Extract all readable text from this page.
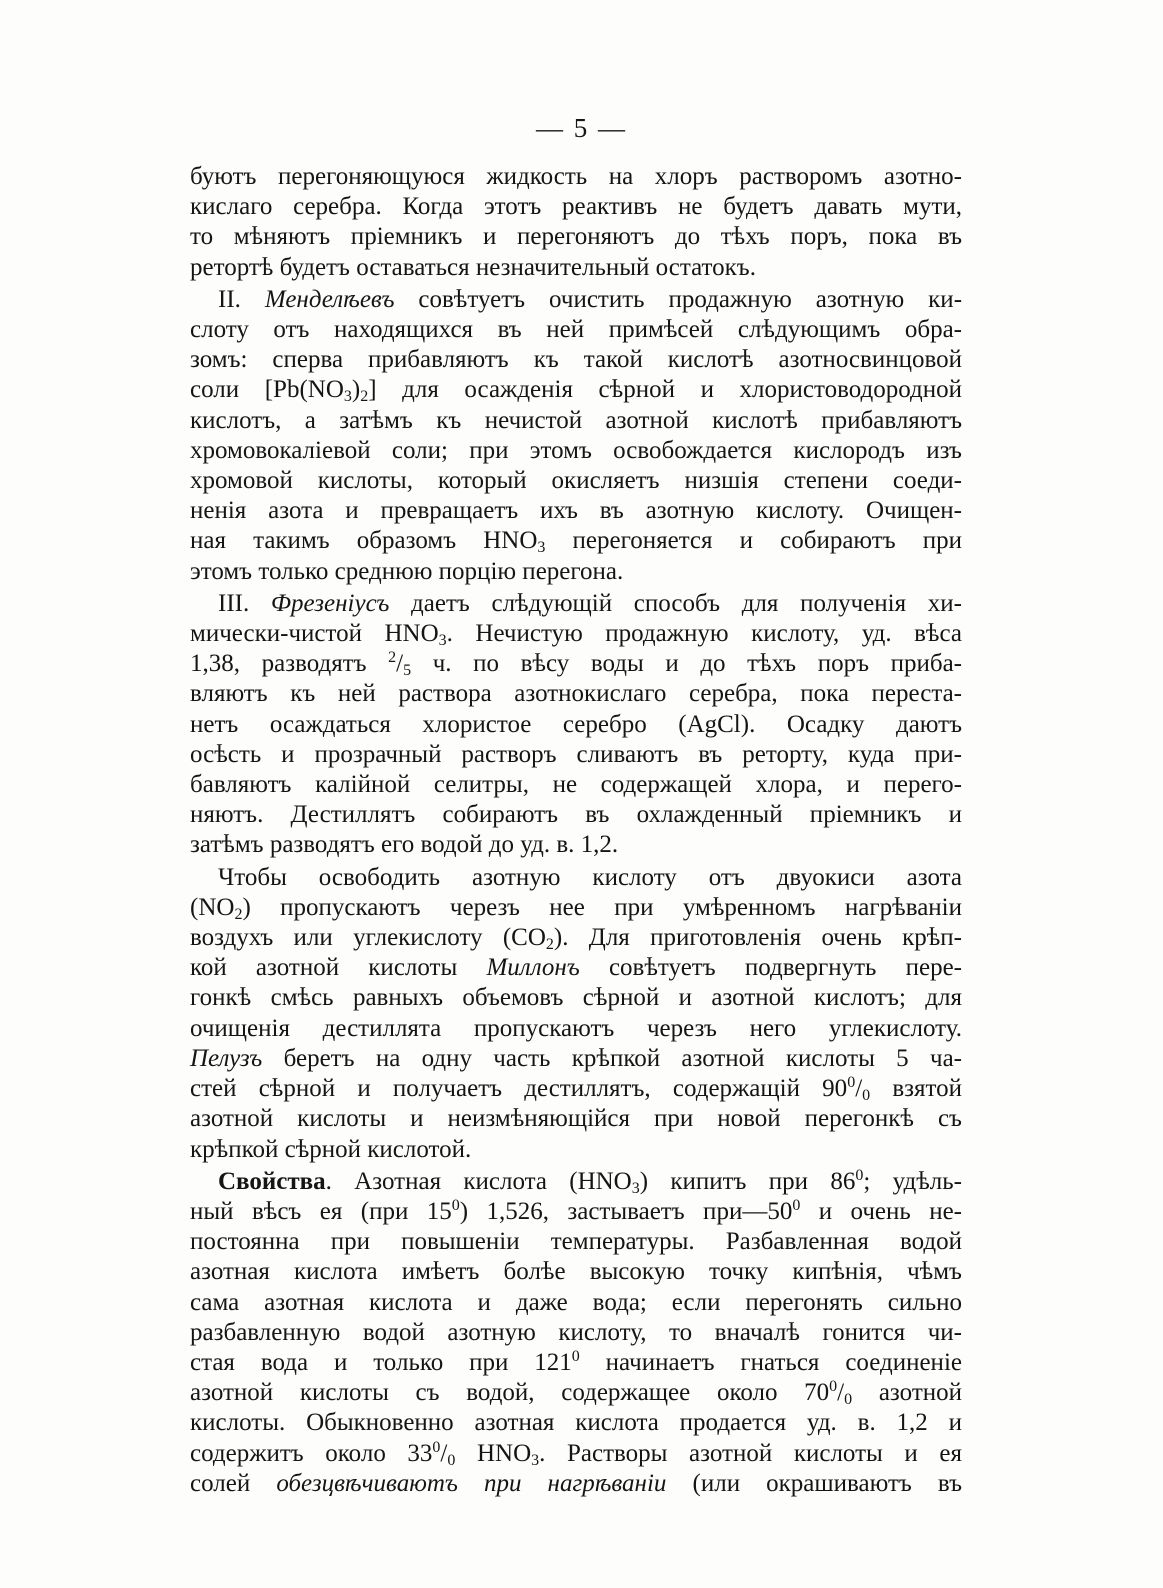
— 5 —
буютъ перегоняющуюся жидкость на хлоръ растворомъ азотно-
кислаго серебра. Когда этотъ реактивъ не будетъ давать мути,
то мѣняютъ пріемникъ и перегоняютъ до тѣхъ поръ, пока въ
ретортѣ будетъ оставаться незначительный остатокъ.
II. Менделѣевъ совѣтуетъ очистить продажную азотную ки-
слоту отъ находящихся въ ней примѣсей слѣдующимъ обра-
зомъ: сперва прибавляютъ къ такой кислотѣ азотносвинцовой
соли $[Pb(NO_3)_2]$ для осажденія сѣрной и хлористоводородной
кислотъ, а затѣмъ къ нечистой азотной кислотѣ прибавляютъ
хромовокаліевой соли; при этомъ освобождается кислородъ изъ
хромовой кислоты, который окисляетъ низшія степени соеди-
ненія азота и превращаетъ ихъ въ азотную кислоту. Очищен-
ная такимъ образомъ $HNO_3$ перегоняется и собираютъ при
этомъ только среднюю порцію перегона.
III. Фрезеніусъ даетъ слѣдующій способъ для полученія хи-
мически-чистой $HNO_3$. Нечистую продажную кислоту, уд. вѣса
1,38, разводятъ $^2/_5$ ч. по вѣсу воды и до тѣхъ поръ приба-
вляютъ къ ней раствора азотнокислаго серебра, пока переста-
нетъ осаждаться хлористое серебро (AgCl). Осадку даютъ
осѣсть и прозрачный растворъ сливаютъ въ реторту, куда при-
бавляютъ калійной селитры, не содержащей хлора, и перего-
няютъ. Дестиллятъ собираютъ въ охлажденный пріемникъ и
затѣмъ разводятъ его водой до уд. в. 1,2.
Чтобы освободить азотную кислоту отъ двуокиси азота
$(NO_2)$ пропускаютъ черезъ нее при умѣренномъ нагрѣваніи
воздухъ или углекислоту $(CO_2)$. Для приготовленія очень крѣп-
кой азотной кислоты Миллонъ совѣтуетъ подвергнуть пере-
гонкѣ смѣсь равныхъ объемовъ сѣрной и азотной кислотъ; для
очищенія дестиллята пропускаютъ черезъ него углекислоту.
Пелузъ беретъ на одну часть крѣпкой азотной кислоты 5 ча-
стей сѣрной и получаетъ дестиллятъ, содержащій $90^0/_0$ взятой
азотной кислоты и неизмѣняющійся при новой перегонкѣ съ
крѣпкой сѣрной кислотой.
Свойства. Азотная кислота $(HNO_3)$ кипитъ при $86^0$; удѣль-
ный вѣсъ ея (при $15^0$) 1,526, застываетъ $при—50^0$ и очень не-
постоянна при повышеніи температуры. Разбавленная водой
азотная кислота имѣетъ болѣе высокую точку кипѣнія, чѣмъ
сама азотная кислота и даже вода; если перегонять сильно
разбавленную водой азотную кислоту, то вначалѣ гонится чи-
стая вода и только при $121^0$ начинаетъ гнаться соединеніе
азотной кислоты съ водой, содержащее около $70^0/_0$ азотной
кислоты. Обыкновенно азотная кислота продается уд. в. 1,2 и
содержитъ около $33^0/_0$ $HNO_3$. Растворы азотной кислоты и ея
солей обезцвѣчиваютъ при нагрѣваніи (или окрашиваютъ въ
